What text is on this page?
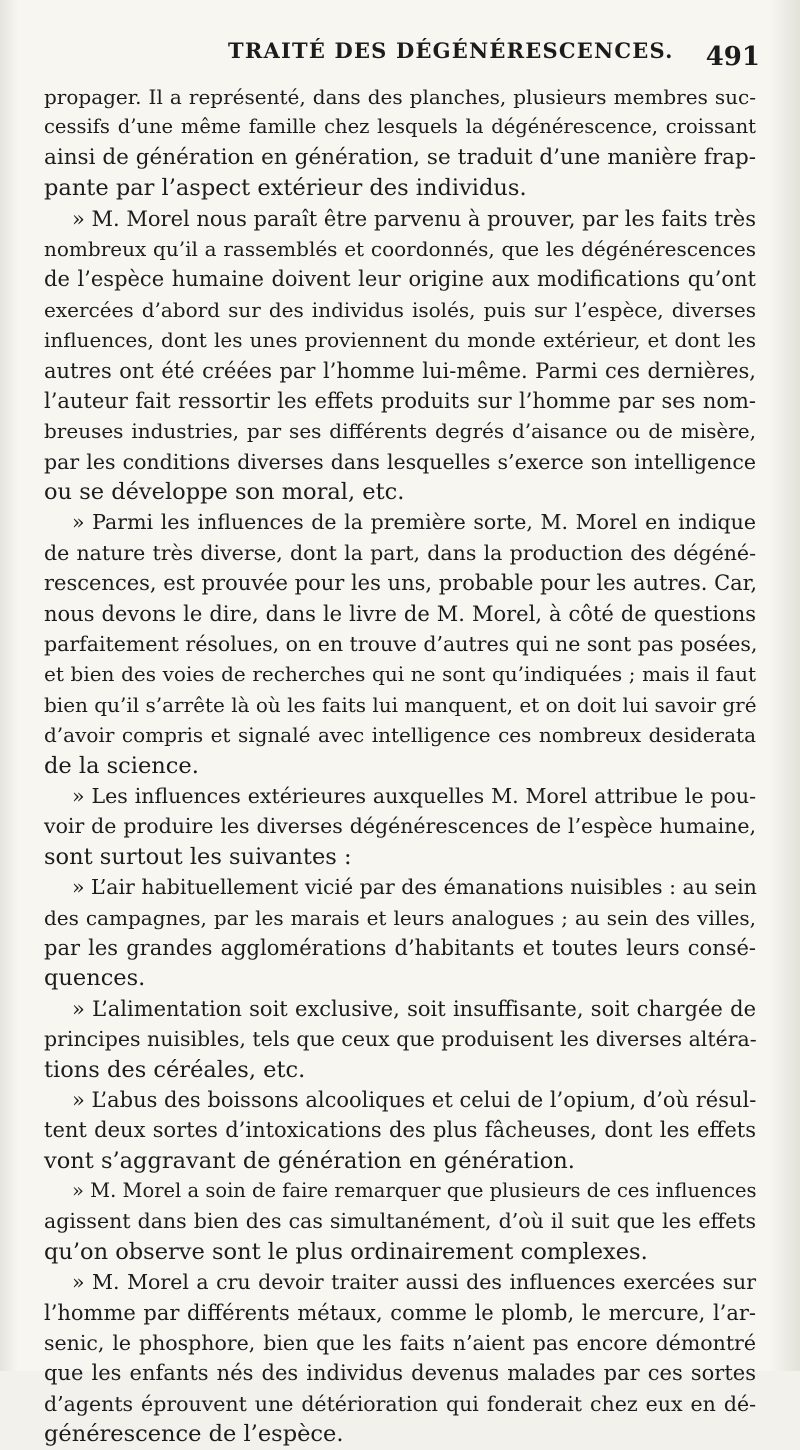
TRAITÉ DES DÉGÉNÉRESCENCES. 491
propager. Il a représenté, dans des planches, plusieurs membres suc-
cessifs d’une même famille chez lesquels la dégénérescence, croissant
ainsi de génération en génération, se traduit d’une manière frap-
pante par l’aspect extérieur des individus.
» M. Morel nous paraît être parvenu à prouver, par les faits très
nombreux qu’il a rassemblés et coordonnés, que les dégénérescences
de l’espèce humaine doivent leur origine aux modifications qu’ont
exercées d’abord sur des individus isolés, puis sur l’espèce, diverses
influences, dont les unes proviennent du monde extérieur, et dont les
autres ont été créées par l’homme lui-même. Parmi ces dernières,
l’auteur fait ressortir les effets produits sur l’homme par ses nom-
breuses industries, par ses différents degrés d’aisance ou de misère,
par les conditions diverses dans lesquelles s’exerce son intelligence
ou se développe son moral, etc.
» Parmi les influences de la première sorte, M. Morel en indique
de nature très diverse, dont la part, dans la production des dégéné-
rescences, est prouvée pour les uns, probable pour les autres. Car,
nous devons le dire, dans le livre de M. Morel, à côté de questions
parfaitement résolues, on en trouve d’autres qui ne sont pas posées,
et bien des voies de recherches qui ne sont qu’indiquées ; mais il faut
bien qu’il s’arrête là où les faits lui manquent, et on doit lui savoir gré
d’avoir compris et signalé avec intelligence ces nombreux desiderata
de la science.
» Les influences extérieures auxquelles M. Morel attribue le pou-
voir de produire les diverses dégénérescences de l’espèce humaine,
sont surtout les suivantes :
» L’air habituellement vicié par des émanations nuisibles : au sein
des campagnes, par les marais et leurs analogues ; au sein des villes,
par les grandes agglomérations d’habitants et toutes leurs consé-
quences.
» L’alimentation soit exclusive, soit insuffisante, soit chargée de
principes nuisibles, tels que ceux que produisent les diverses altéra-
tions des céréales, etc.
» L’abus des boissons alcooliques et celui de l’opium, d’où résul-
tent deux sortes d’intoxications des plus fâcheuses, dont les effets
vont s’aggravant de génération en génération.
» M. Morel a soin de faire remarquer que plusieurs de ces influences
agissent dans bien des cas simultanément, d’où il suit que les effets
qu’on observe sont le plus ordinairement complexes.
» M. Morel a cru devoir traiter aussi des influences exercées sur
l’homme par différents métaux, comme le plomb, le mercure, l’ar-
senic, le phosphore, bien que les faits n’aient pas encore démontré
que les enfants nés des individus devenus malades par ces sortes
d’agents éprouvent une détérioration qui fonderait chez eux en dé-
générescence de l’espèce.
